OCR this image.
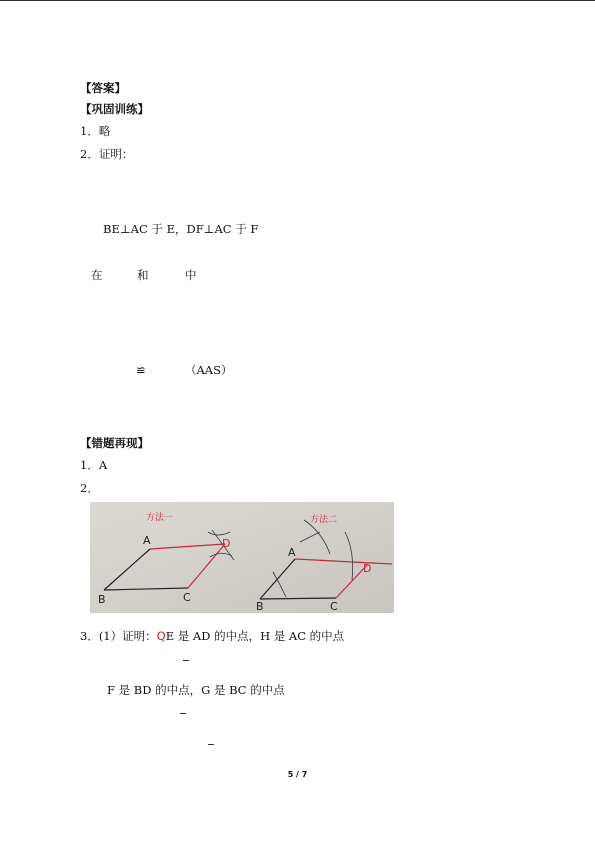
【答案】
【巩固训练】
1．略
2．证明：
BE⊥AC 于 E，DF⊥AC 于 F
在	和	中
≌	（AAS）
【错题再现】
1．A
2．
A
B	C
D
方法一
A
B	C
D
方法二
3．(1）证明：QE 是 AD 的中点，H 是 AC 的中点
F 是 BD 的中点，G 是 BC 的中点
5 / 7
